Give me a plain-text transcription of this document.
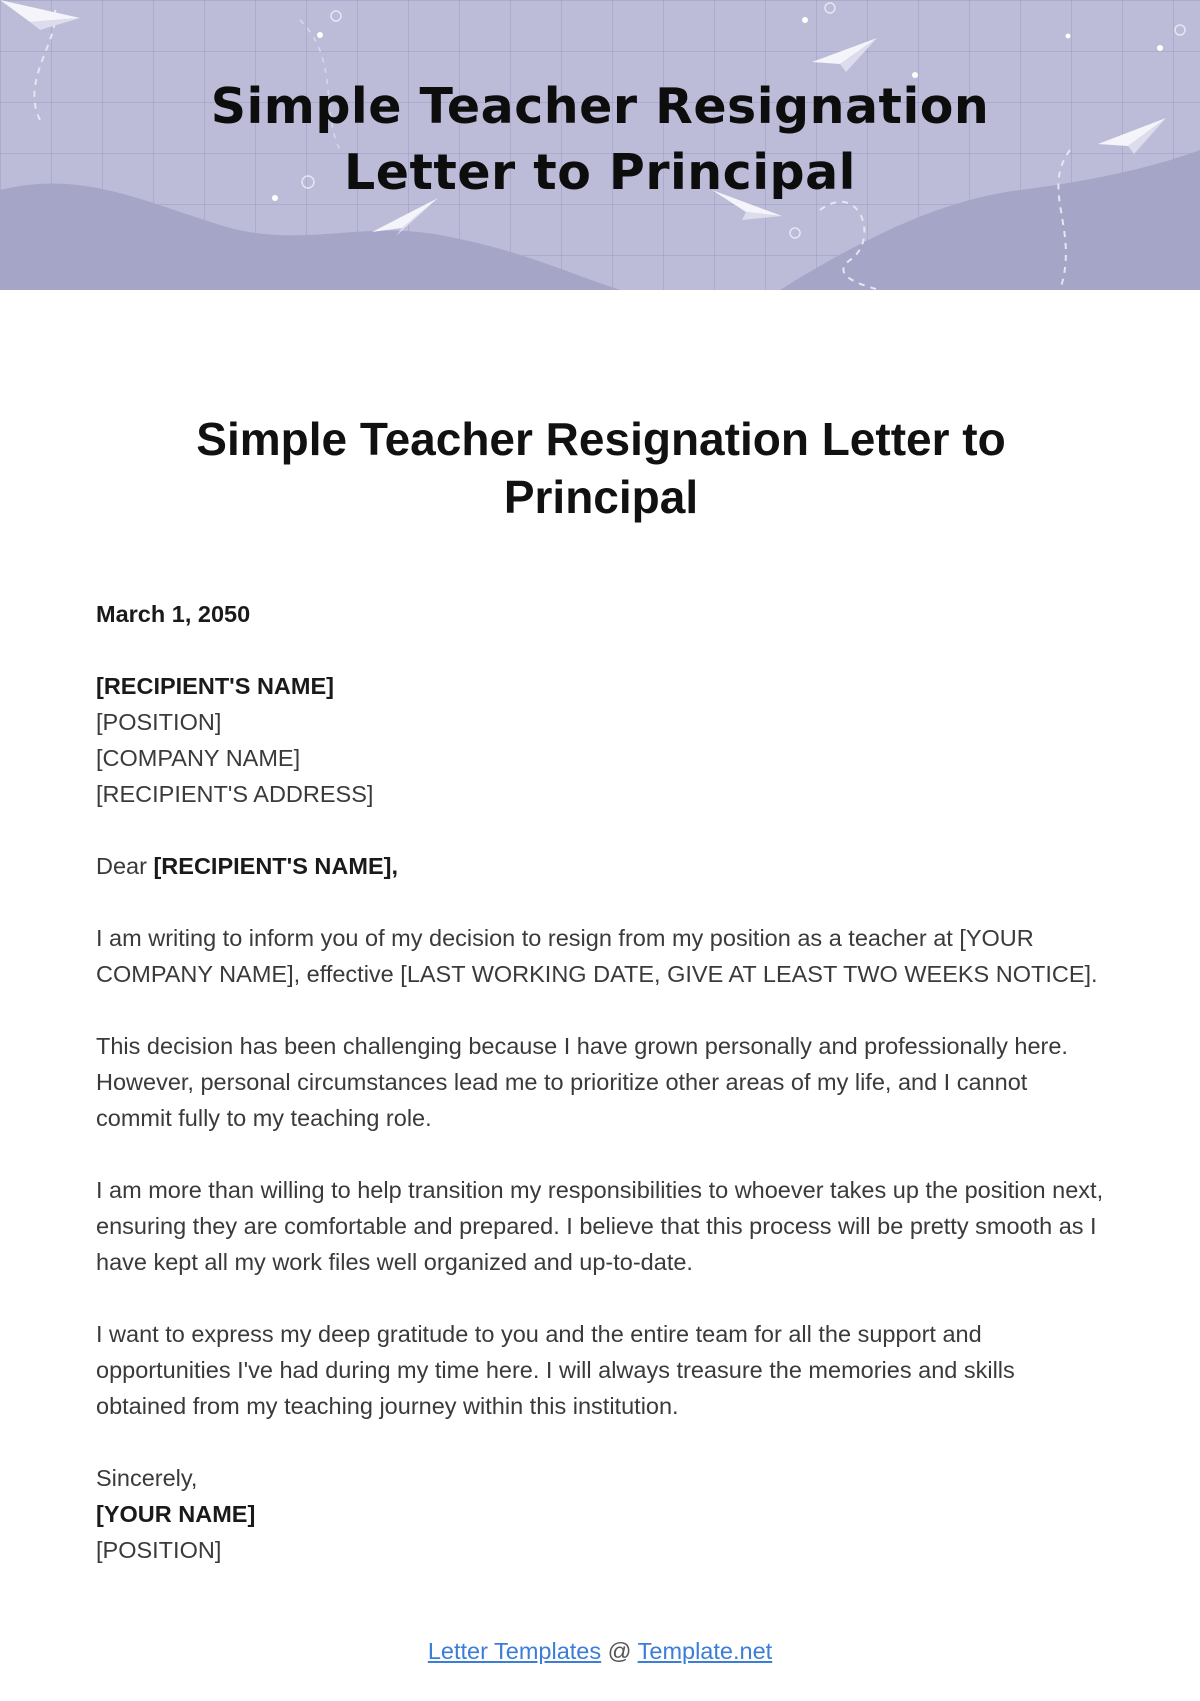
Simple Teacher Resignation
Letter to Principal
Simple Teacher Resignation Letter to
Principal
March 1, 2050
[RECIPIENT'S NAME]
[POSITION]
[COMPANY NAME]
[RECIPIENT'S ADDRESS]
Dear [RECIPIENT'S NAME],

I am writing to inform you of my decision to resign from my position as a teacher at [YOUR COMPANY NAME], effective [LAST WORKING DATE, GIVE AT LEAST TWO WEEKS NOTICE].

This decision has been challenging because I have grown personally and professionally here. However, personal circumstances lead me to prioritize other areas of my life, and I cannot commit fully to my teaching role.

I am more than willing to help transition my responsibilities to whoever takes up the position next, ensuring they are comfortable and prepared. I believe that this process will be pretty smooth as I have kept all my work files well organized and up-to-date.

I want to express my deep gratitude to you and the entire team for all the support and opportunities I've had during my time here. I will always treasure the memories and skills obtained from my teaching journey within this institution.

Sincerely,
[YOUR NAME]
[POSITION]
Letter Templates @ Template.net
